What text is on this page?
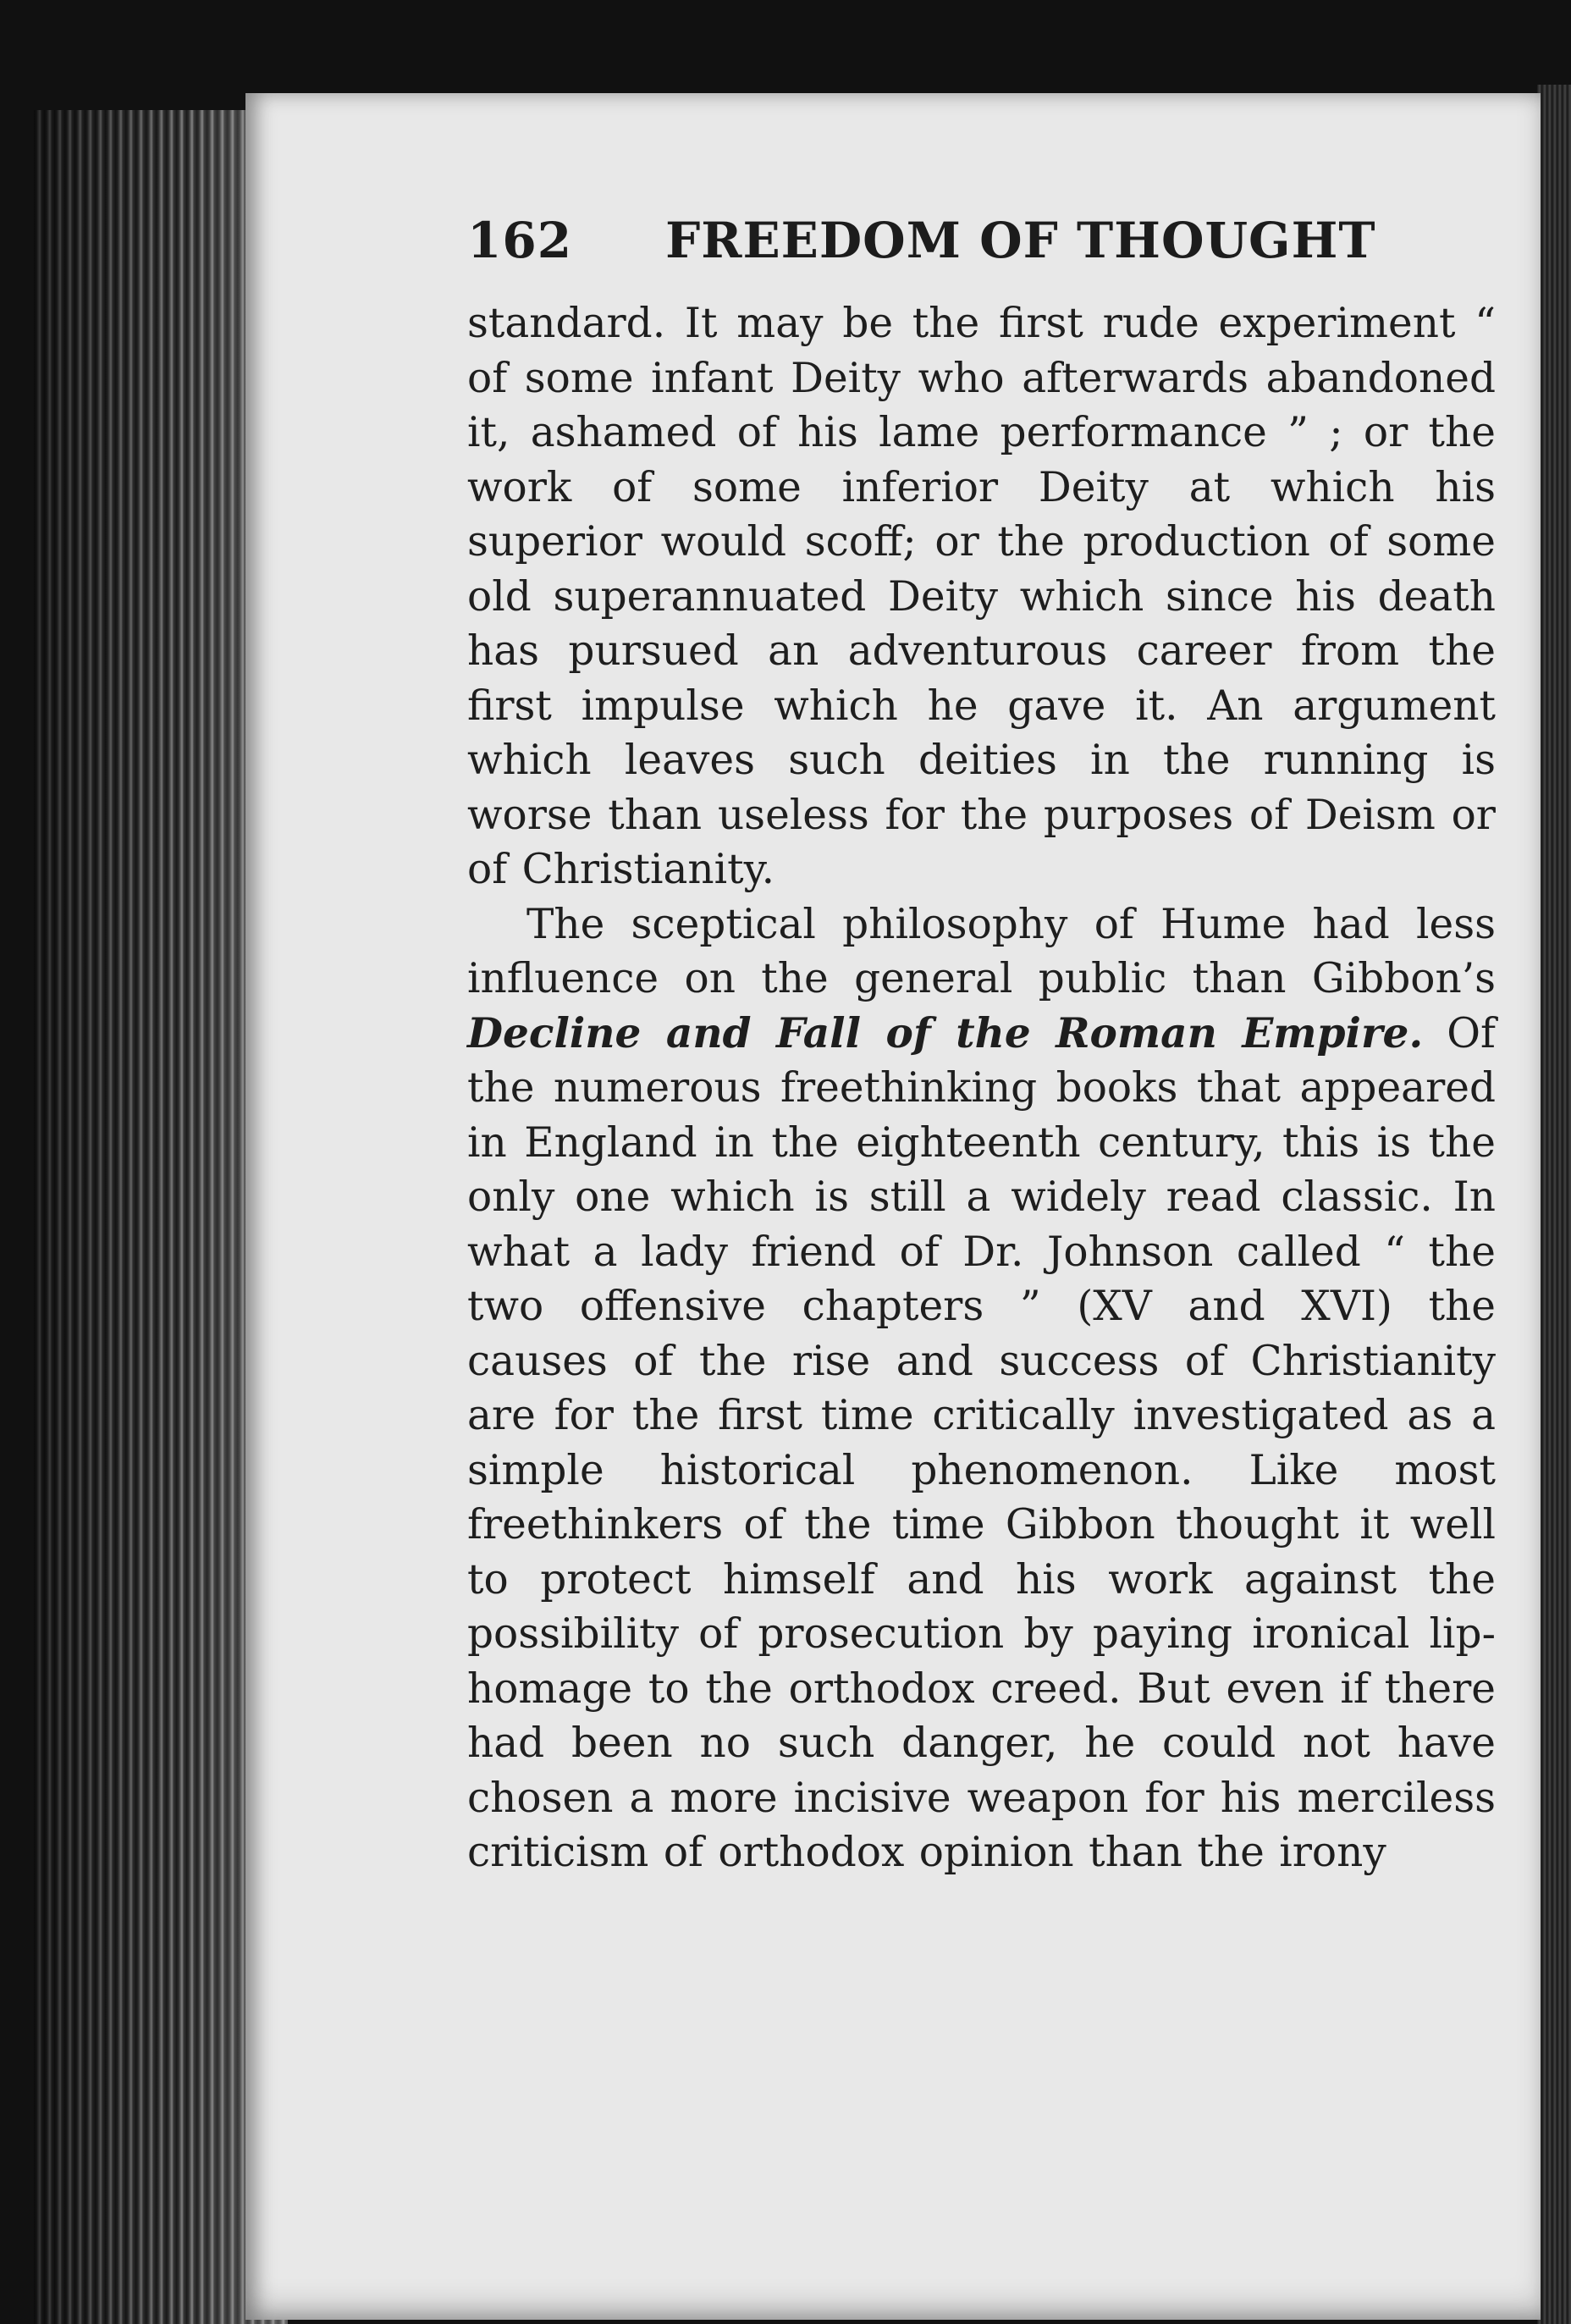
162 FREEDOM OF THOUGHT

standard. It may be the first rude experiment “ of some infant Deity who afterwards abandoned it, ashamed of his lame performance ” ; or the work of some inferior Deity at which his superior would scoff; or the production of some old superannuated Deity which since his death has pursued an adventurous career from the first impulse which he gave it. An argument which leaves such deities in the running is worse than useless for the purposes of Deism or of Christianity.

The sceptical philosophy of Hume had less influence on the general public than Gibbon’s Decline and Fall of the Roman Empire. Of the numerous freethinking books that appeared in England in the eighteenth century, this is the only one which is still a widely read classic. In what a lady friend of Dr. Johnson called “ the two offensive chapters ” (XV and XVI) the causes of the rise and success of Christianity are for the first time critically investigated as a simple historical phenomenon. Like most freethinkers of the time Gibbon thought it well to protect himself and his work against the possibility of prosecution by paying ironical lip-homage to the orthodox creed. But even if there had been no such danger, he could not have chosen a more incisive weapon for his merciless criticism of orthodox opinion than the irony
